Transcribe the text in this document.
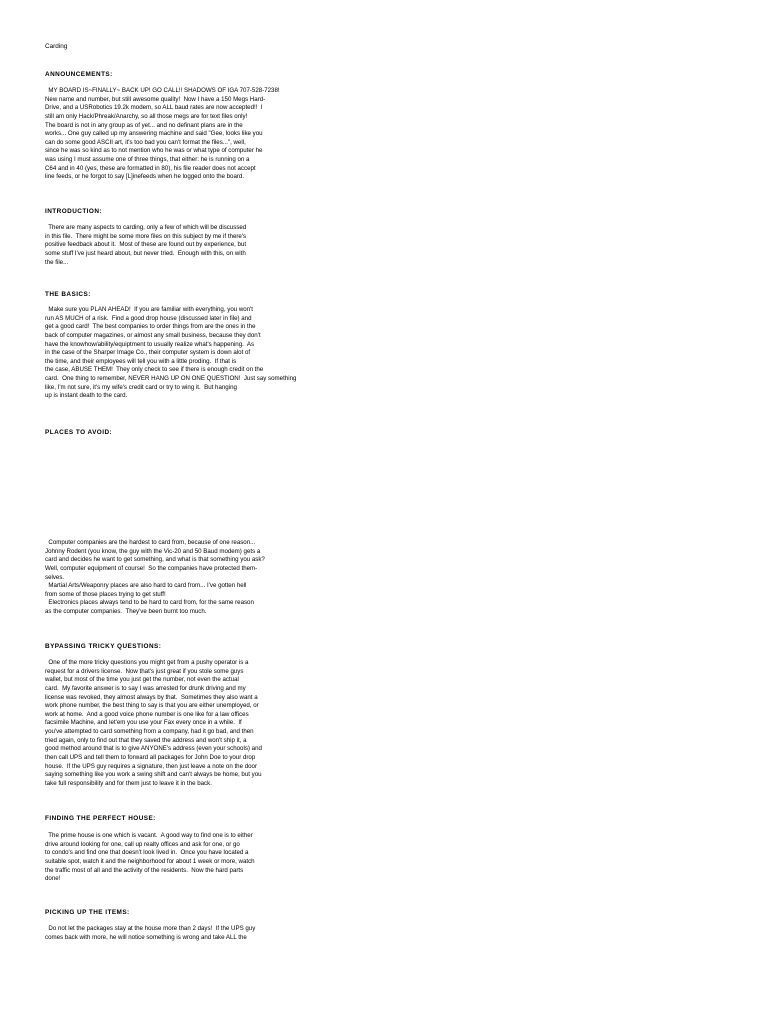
Carding
ANNOUNCEMENTS:
MY BOARD IS~FINALLY~ BACK UP! GO CALL!! SHADOWS OF IGA 707-528-7238!
New name and number, but still awesome quality!  Now I have a 150 Megs Hard-
Drive, and a USRobotics 19.2k modem, so ALL baud rates are now accepted!!  I
still am only Hack/Phreak/Anarchy, so all those megs are for text files only!
The board is not in any group as of yet... and no definant plans are in the
works... One guy called up my answering machine and said "Gee, looks like you
can do some good ASCII art, it's too bad you can't format the files...", well,
since he was so kind as to not mention who he was or what type of computer he
was using I must assume one of three things, that either: he is running on a
C64 and in 40 (yes, these are formatted in 80), his file reader does not accept
line feeds, or he forgot to say [L]inefeeds when he logged onto the board.
INTRODUCTION:
There are many aspects to carding, only a few of which will be discussed
in this file.  There might be some more files on this subject by me if there's
positive feedback about it.  Most of these are found out by experience, but
some stuff I've just heard about, but never tried.  Enough with this, on with
the file...
THE BASICS:
Make sure you PLAN AHEAD!  If you are familiar with everything, you won't
run AS MUCH of a risk.  Find a good drop house (discussed later in file) and
get a good card!  The best companies to order things from are the ones in the
back of computer magazines, or almost any small business, because they don't
have the knowhow/ability/equiptment to usually realize what's happening.  As
in the case of the Sharper Image Co., their computer system is down alot of
the time, and their employees will tell you with a little proding.  If that is
the case, ABUSE THEM!  They only check to see if there is enough credit on the
card.  One thing to remember, NEVER HANG UP ON ONE QUESTION!  Just say something
like, I'm not sure, it's my wife's credit card or try to wing it.  But hanging
up is instant death to the card.
PLACES TO AVOID:
Computer companies are the hardest to card from, because of one reason...
Johnny Rodent (you know, the guy with the Vic-20 and 50 Baud modem) gets a
card and decides he want to get something, and what is that something you ask?
Well, computer equipment of course!  So the companies have protected them-
selves.
Martial Arts/Weaponry places are also hard to card from... I've gotten hell
from some of those places trying to get stuff!
Electronics places always tend to be hard to card from, for the same reason
as the computer companies.  They've been burnt too much.
BYPASSING TRICKY QUESTIONS:
One of the more tricky questions you might get from a pushy operator is a
request for a drivers license.  Now that's just great if you stole some guys
wallet, but most of the time you just get the number, not even the actual
card.  My favorite answer is to say I was arrested for drunk driving and my
license was revoked, they almost always by that.  Sometimes they also want a
work phone number, the best thing to say is that you are either unemployed, or
work at home.  And a good voice phone number is one like for a law offices
facsimile Machine, and let'em you use your Fax every once in a while.  If
you've attempted to card something from a company, had it go bad, and then
tried again, only to find out that they saved the address and won't ship it, a
good method around that is to give ANYONE's address (even your schools) and
then call UPS and tell them to forward all packages for John Doe to your drop
house.  If the UPS guy requires a signature, then just leave a note on the door
saying something like you work a swing shift and can't always be home, but you
take full responsibility and for them just to leave it in the back.
FINDING THE PERFECT HOUSE:
The prime house is one which is vacant.  A good way to find one is to either
drive around looking for one, call up realty offices and ask for one, or go
to condo's and find one that doesn't look lived in.  Once you have located a
suitable spot, watch it and the neighborhood for about 1 week or more, watch
the traffic most of all and the activity of the residents.  Now the hard parts
done!
PICKING UP THE ITEMS:
Do not let the packages stay at the house more than 2 days!  If the UPS guy
comes back with more, he will notice something is wrong and take ALL the
